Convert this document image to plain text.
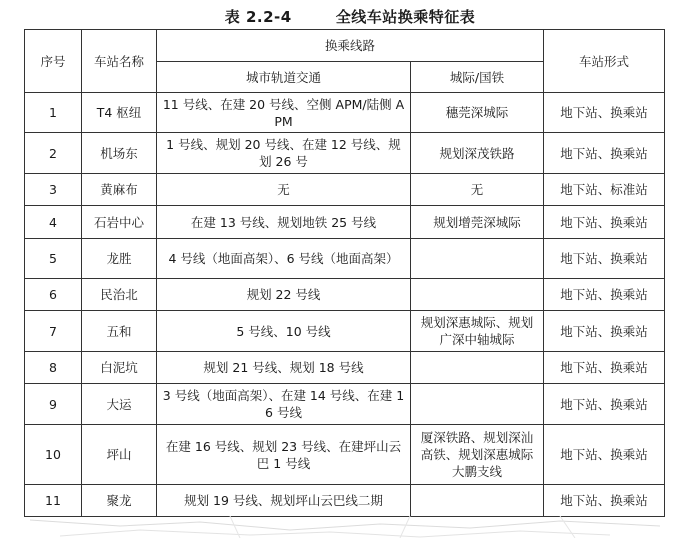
表 2.2-4	全线车站换乘特征表
序号	车站名称	换乘线路		车站形式
		城市轨道交通	城际/国铁	
1	T4 枢纽	11 号线、在建 20 号线、空侧 APM/陆侧 APM	穗莞深城际	地下站、换乘站
2	机场东	1 号线、规划 20 号线、在建 12 号线、规划 26 号	规划深茂铁路	地下站、换乘站
3	黄麻布	无	无	地下站、标准站
4	石岩中心	在建 13 号线、规划地铁 25 号线	规划增莞深城际	地下站、换乘站
5	龙胜	4 号线（地面高架）、6 号线（地面高架）		地下站、换乘站
6	民治北	规划 22 号线		地下站、换乘站
7	五和	5 号线、10 号线	规划深惠城际、规划广深中轴城际	地下站、换乘站
8	白泥坑	规划 21 号线、规划 18 号线		地下站、换乘站
9	大运	3 号线（地面高架）、在建 14 号线、在建 16 号线		地下站、换乘站
10	坪山	在建 16 号线、规划 23 号线、在建坪山云巴 1 号线	厦深铁路、规划深汕高铁、规划深惠城际大鹏支线	地下站、换乘站
11	聚龙	规划 19 号线、规划坪山云巴线二期		地下站、换乘站
